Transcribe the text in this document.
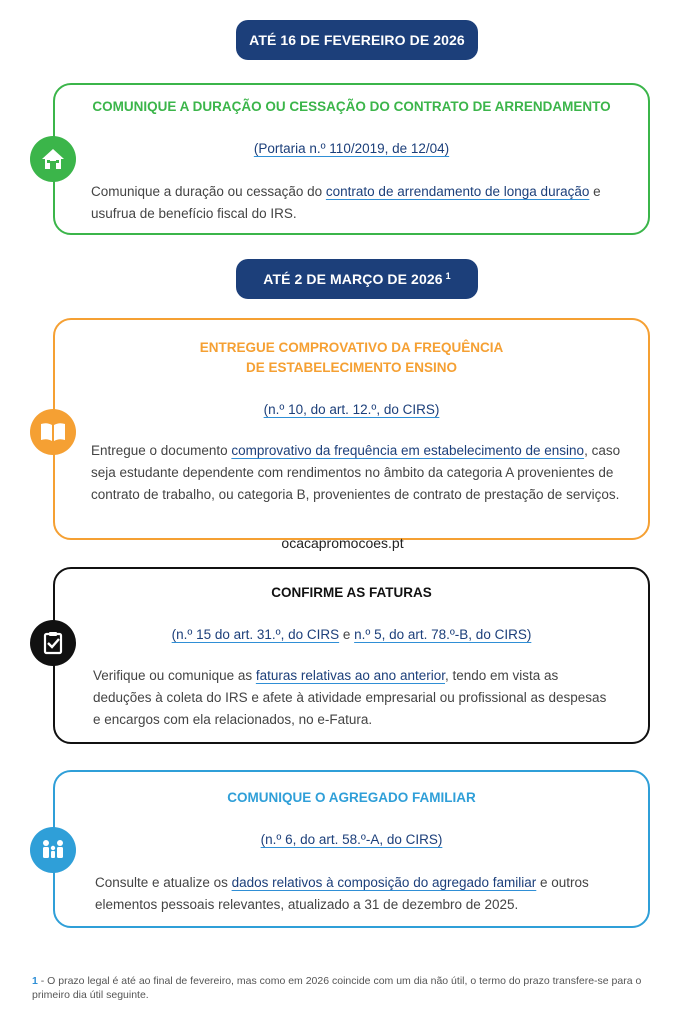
ATÉ 16 DE FEVEREIRO DE 2026
COMUNIQUE A DURAÇÃO OU CESSAÇÃO DO CONTRATO DE ARRENDAMENTO
(Portaria n.º 110/2019, de 12/04)
Comunique a duração ou cessação do contrato de arrendamento de longa duração e usufrua de benefício fiscal do IRS.
ATÉ 2 DE MARÇO DE 2026 $^1$
ENTREGUE COMPROVATIVO DA FREQUÊNCIA
DE ESTABELECIMENTO ENSINO
(n.º 10, do art. 12.º, do CIRS)
Entregue o documento comprovativo da frequência em estabelecimento de ensino, caso seja estudante dependente com rendimentos no âmbito da categoria A provenientes de contrato de trabalho, ou categoria B, provenientes de contrato de prestação de serviços.
ocacapromocoes.pt
CONFIRME AS FATURAS
(n.º 15 do art. 31.º, do CIRS e n.º 5, do art. 78.º-B, do CIRS)
Verifique ou comunique as faturas relativas ao ano anterior, tendo em vista as deduções à coleta do IRS e afete à atividade empresarial ou profissional as despesas e encargos com ela relacionados, no e-Fatura.
COMUNIQUE O AGREGADO FAMILIAR
(n.º 6, do art. 58.º-A, do CIRS)
Consulte e atualize os dados relativos à composição do agregado familiar e outros elementos pessoais relevantes, atualizado a 31 de dezembro de 2025.
1 - O prazo legal é até ao final de fevereiro, mas como em 2026 coincide com um dia não útil, o termo do prazo transfere-se para o primeiro dia útil seguinte.
